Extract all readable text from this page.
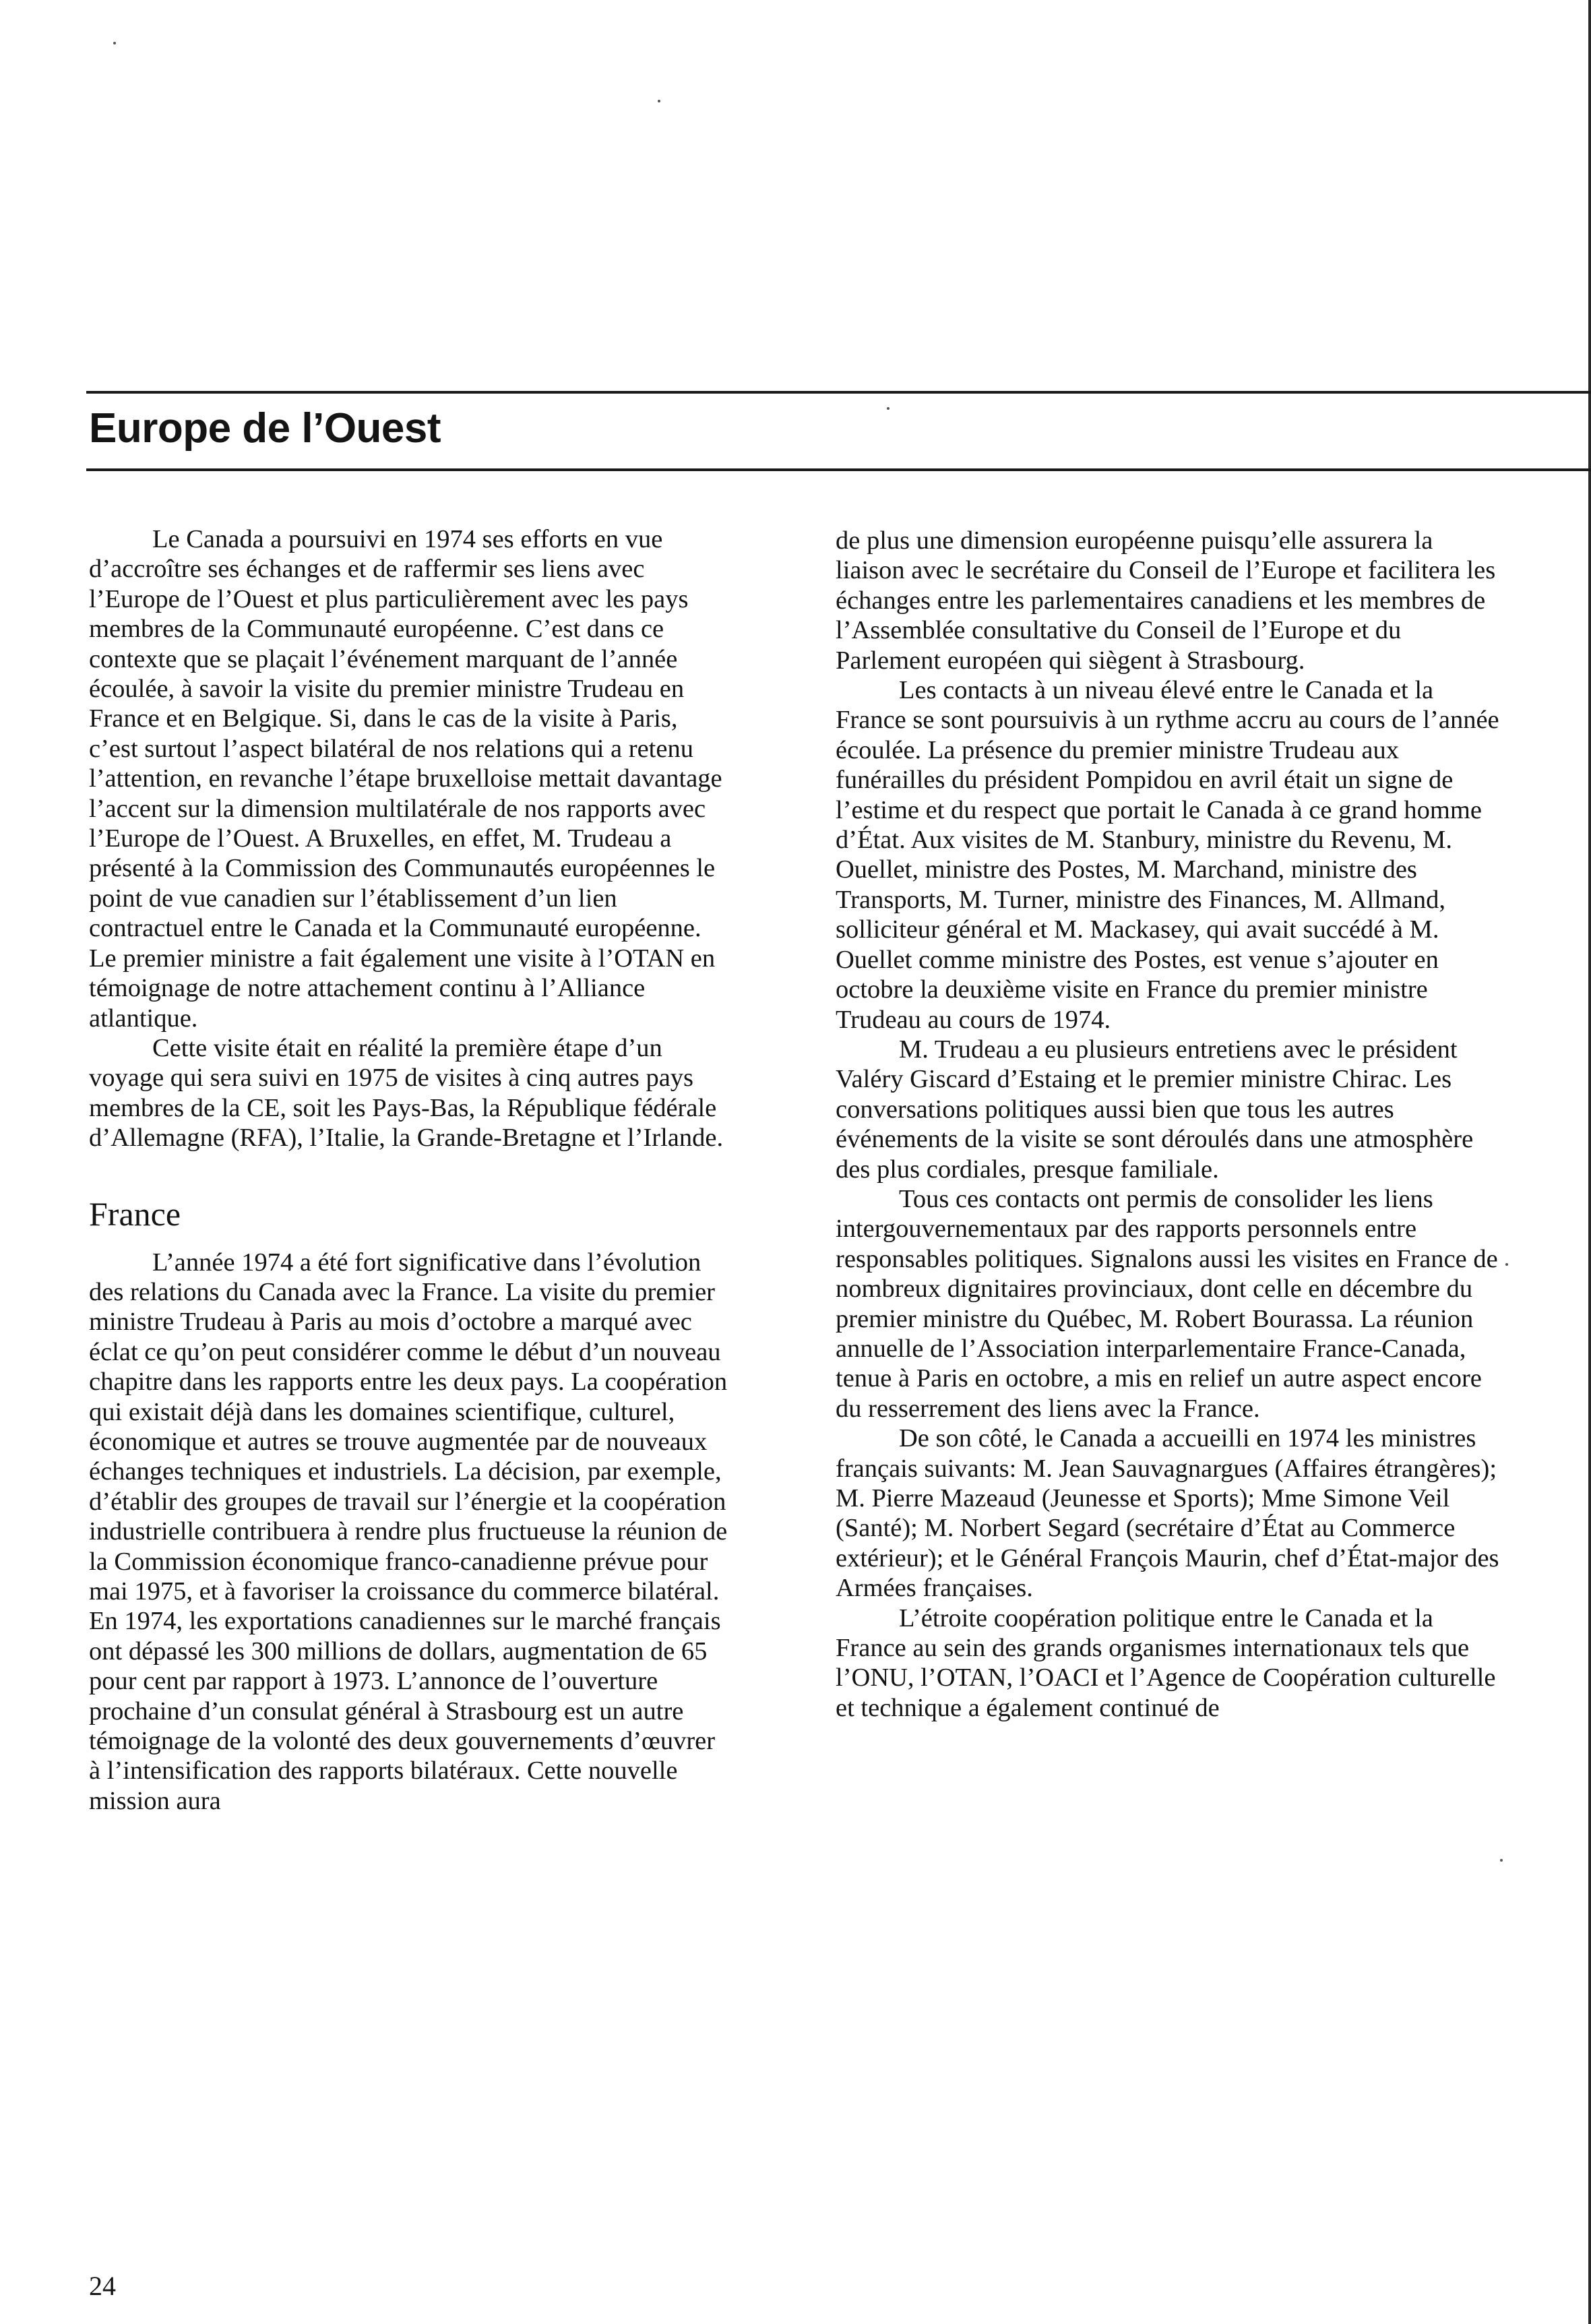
Europe de l’Ouest

Le Canada a poursuivi en 1974 ses efforts en vue d’accroître ses échanges et de raffermir ses liens avec l’Europe de l’Ouest et plus particulièrement avec les pays membres de la Communauté européenne. C’est dans ce contexte que se plaçait l’événement marquant de l’année écoulée, à savoir la visite du premier ministre Trudeau en France et en Belgique. Si, dans le cas de la visite à Paris, c’est surtout l’aspect bilatéral de nos relations qui a retenu l’attention, en revanche l’étape bruxelloise mettait davantage l’accent sur la dimension multilatérale de nos rapports avec l’Europe de l’Ouest. A Bruxelles, en effet, M. Trudeau a présenté à la Commission des Communautés européennes le point de vue canadien sur l’établissement d’un lien contractuel entre le Canada et la Communauté européenne. Le premier ministre a fait également une visite à l’OTAN en témoignage de notre attachement continu à l’Alliance atlantique.

Cette visite était en réalité la première étape d’un voyage qui sera suivi en 1975 de visites à cinq autres pays membres de la CE, soit les Pays-Bas, la République fédérale d’Allemagne (RFA), l’Italie, la Grande-Bretagne et l’Irlande.

France

L’année 1974 a été fort significative dans l’évolution des relations du Canada avec la France. La visite du premier ministre Trudeau à Paris au mois d’octobre a marqué avec éclat ce qu’on peut considérer comme le début d’un nouveau chapitre dans les rapports entre les deux pays. La coopération qui existait déjà dans les domaines scientifique, culturel, économique et autres se trouve augmentée par de nouveaux échanges techniques et industriels. La décision, par exemple, d’établir des groupes de travail sur l’énergie et la coopération industrielle contribuera à rendre plus fructueuse la réunion de la Commission économique franco-canadienne prévue pour mai 1975, et à favoriser la croissance du commerce bilatéral. En 1974, les exportations canadiennes sur le marché français ont dépassé les 300 millions de dollars, augmentation de 65 pour cent par rapport à 1973. L’annonce de l’ouverture prochaine d’un consulat général à Strasbourg est un autre témoignage de la volonté des deux gouvernements d’œuvrer à l’intensification des rapports bilatéraux. Cette nouvelle mission aura

de plus une dimension européenne puisqu’elle assurera la liaison avec le secrétaire du Conseil de l’Europe et facilitera les échanges entre les parlementaires canadiens et les membres de l’Assemblée consultative du Conseil de l’Europe et du Parlement européen qui siègent à Strasbourg.

Les contacts à un niveau élevé entre le Canada et la France se sont poursuivis à un rythme accru au cours de l’année écoulée. La présence du premier ministre Trudeau aux funérailles du président Pompidou en avril était un signe de l’estime et du respect que portait le Canada à ce grand homme d’État. Aux visites de M. Stanbury, ministre du Revenu, M. Ouellet, ministre des Postes, M. Marchand, ministre des Transports, M. Turner, ministre des Finances, M. Allmand, solliciteur général et M. Mackasey, qui avait succédé à M. Ouellet comme ministre des Postes, est venue s’ajouter en octobre la deuxième visite en France du premier ministre Trudeau au cours de 1974.

M. Trudeau a eu plusieurs entretiens avec le président Valéry Giscard d’Estaing et le premier ministre Chirac. Les conversations politiques aussi bien que tous les autres événements de la visite se sont déroulés dans une atmosphère des plus cordiales, presque familiale.

Tous ces contacts ont permis de consolider les liens intergouvernementaux par des rapports personnels entre responsables politiques. Signalons aussi les visites en France de nombreux dignitaires provinciaux, dont celle en décembre du premier ministre du Québec, M. Robert Bourassa. La réunion annuelle de l’Association interparlementaire France-Canada, tenue à Paris en octobre, a mis en relief un autre aspect encore du resserrement des liens avec la France.

De son côté, le Canada a accueilli en 1974 les ministres français suivants: M. Jean Sauvagnargues (Affaires étrangères); M. Pierre Mazeaud (Jeunesse et Sports); Mme Simone Veil (Santé); M. Norbert Segard (secrétaire d’État au Commerce extérieur); et le Général François Maurin, chef d’État-major des Armées françaises.

L’étroite coopération politique entre le Canada et la France au sein des grands organismes internationaux tels que l’ONU, l’OTAN, l’OACI et l’Agence de Coopération culturelle et technique a également continué de

24
